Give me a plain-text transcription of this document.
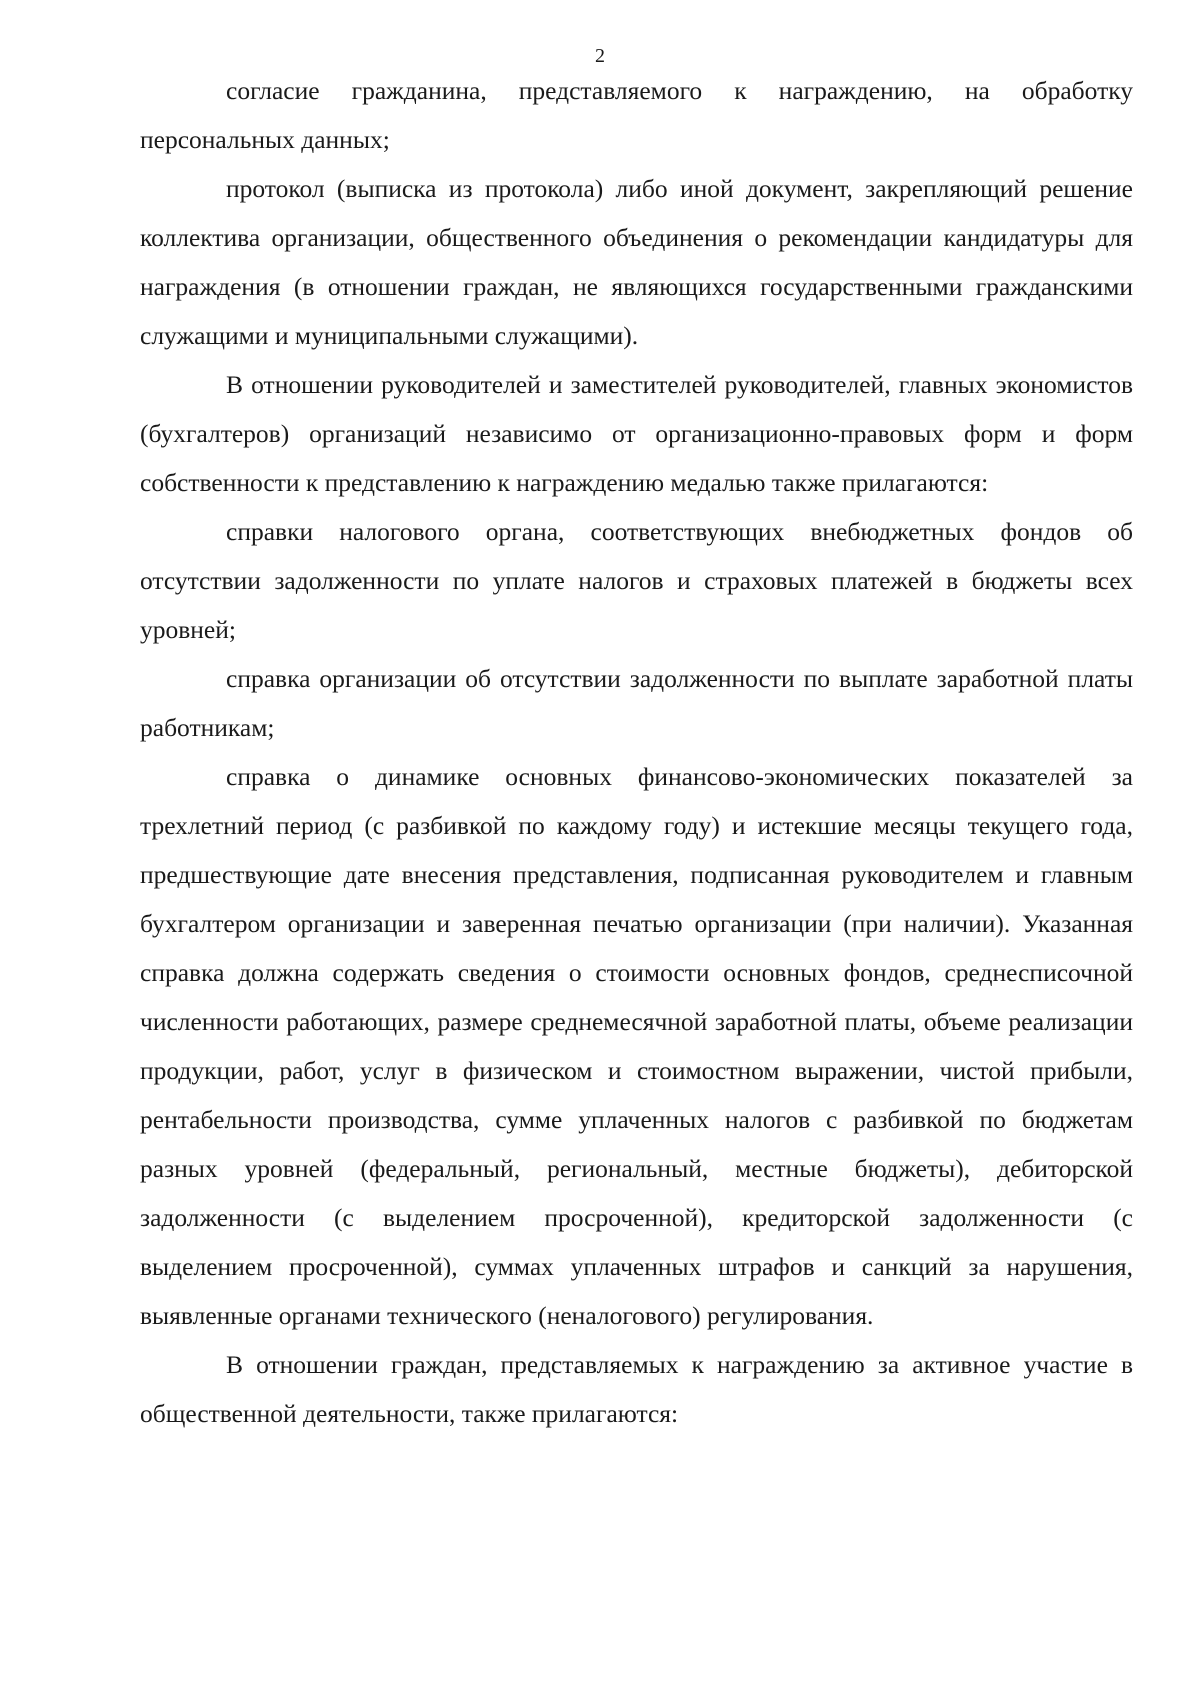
2

согласие гражданина, представляемого к награждению, на обработку персональных данных;

протокол (выписка из протокола) либо иной документ, закрепляющий решение коллектива организации, общественного объединения о рекомендации кандидатуры для награждения (в отношении граждан, не являющихся государственными гражданскими служащими и муниципальными служащими).

В отношении руководителей и заместителей руководителей, главных экономистов (бухгалтеров) организаций независимо от организационно-правовых форм и форм собственности к представлению к награждению медалью также прилагаются:

справки налогового органа, соответствующих внебюджетных фондов об отсутствии задолженности по уплате налогов и страховых платежей в бюджеты всех уровней;

справка организации об отсутствии задолженности по выплате заработной платы работникам;

справка о динамике основных финансово-экономических показателей за трехлетний период (с разбивкой по каждому году) и истекшие месяцы текущего года, предшествующие дате внесения представления, подписанная руководителем и главным бухгалтером организации и заверенная печатью организации (при наличии). Указанная справка должна содержать сведения о стоимости основных фондов, среднесписочной численности работающих, размере среднемесячной заработной платы, объеме реализации продукции, работ, услуг в физическом и стоимостном выражении, чистой прибыли, рентабельности производства, сумме уплаченных налогов с разбивкой по бюджетам разных уровней (федеральный, региональный, местные бюджеты), дебиторской задолженности (с выделением просроченной), кредиторской задолженности (с выделением просроченной), суммах уплаченных штрафов и санкций за нарушения, выявленные органами технического (неналогового) регулирования.

В отношении граждан, представляемых к награждению за активное участие в общественной деятельности, также прилагаются:
